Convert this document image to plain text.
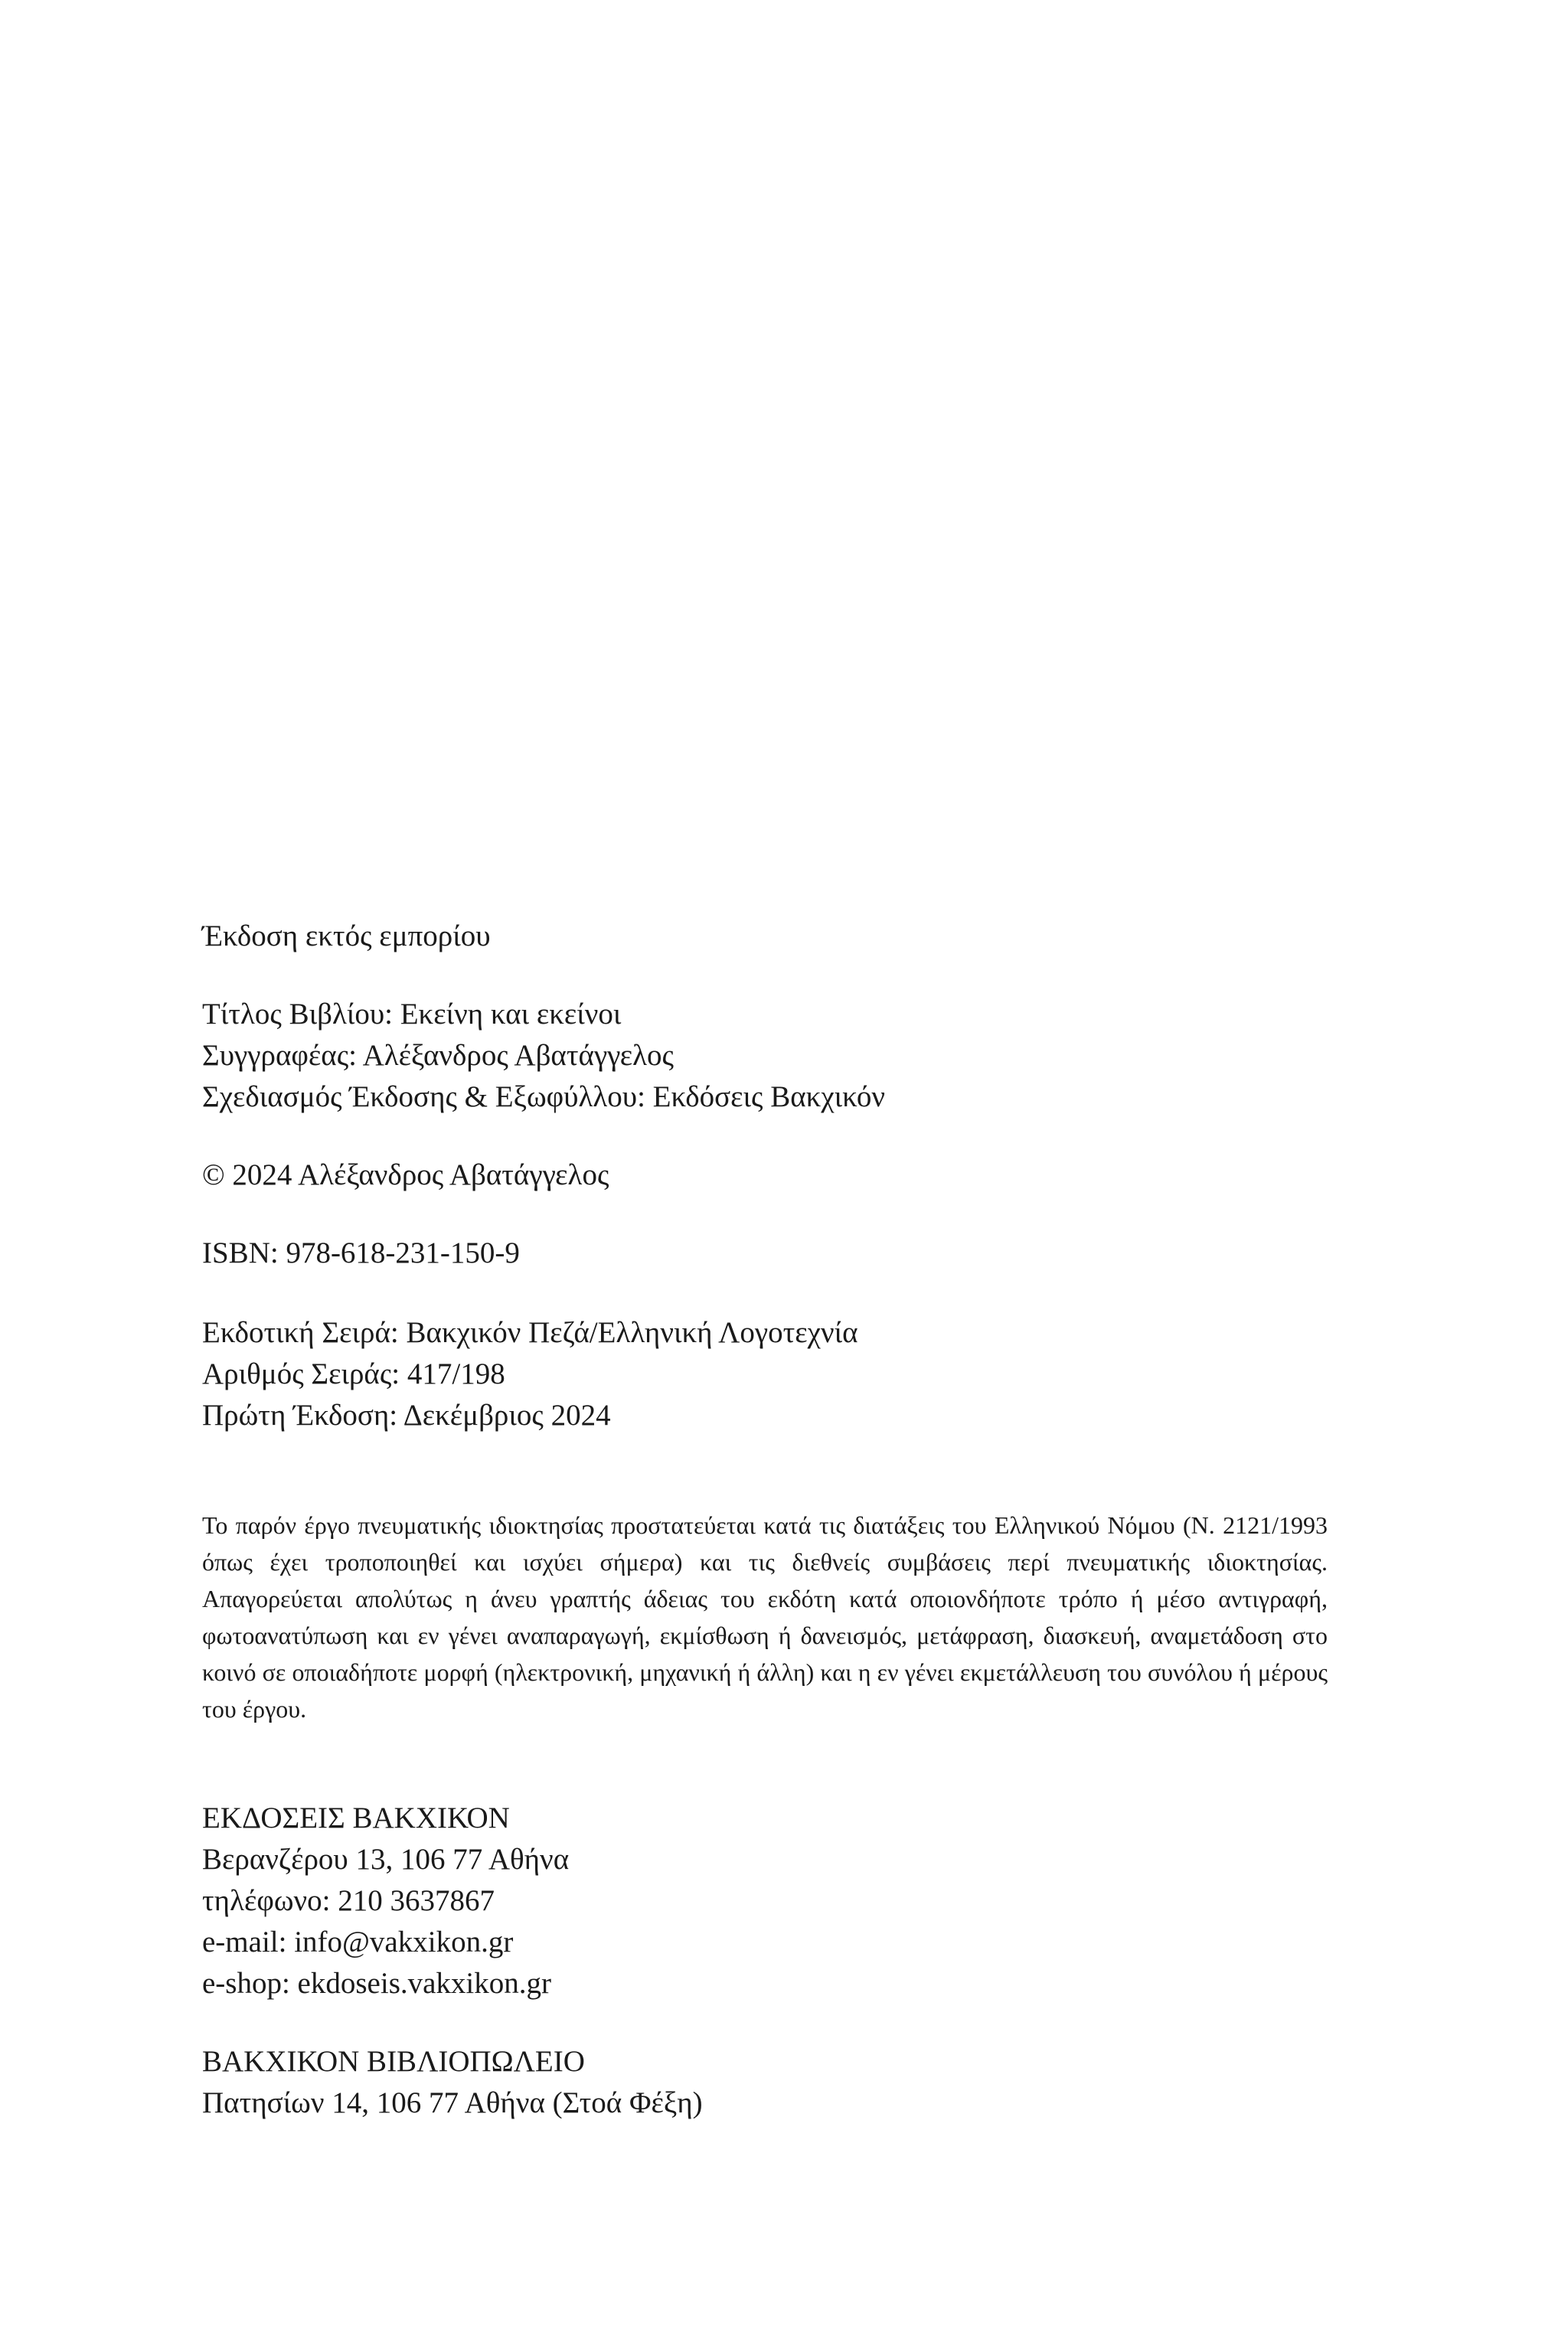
Έκδοση εκτός εμπορίου
Τίτλος Βιβλίου: Εκείνη και εκείνοι
Συγγραφέας: Αλέξανδρος Αβατάγγελος
Σχεδιασμός Έκδοσης & Εξωφύλλου: Εκδόσεις Βακχικόν
© 2024 Αλέξανδρος Αβατάγγελος
ISBN: 978-618-231-150-9
Εκδοτική Σειρά: Βακχικόν Πεζά/Ελληνική Λογοτεχνία
Αριθμός Σειράς: 417/198
Πρώτη Έκδοση: Δεκέμβριος 2024

Το παρόν έργο πνευματικής ιδιοκτησίας προστατεύεται κατά τις διατάξεις του Ελληνικού Νόμου (Ν. 2121/1993 όπως έχει τροποποιηθεί και ισχύει σήμερα) και τις διεθνείς συμβάσεις περί πνευματικής ιδιοκτησίας. Απαγορεύεται απολύτως η άνευ γραπτής άδειας του εκδότη κατά οποιονδήποτε τρόπο ή μέσο αντιγραφή, φωτοανατύπωση και εν γένει αναπαραγωγή, εκμίσθωση ή δανεισμός, μετάφραση, διασκευή, αναμετάδοση στο κοινό σε οποιαδήποτε μορφή (ηλεκτρονική, μηχανική ή άλλη) και η εν γένει εκμετάλλευση του συνόλου ή μέρους του έργου.

ΕΚΔΟΣΕΙΣ ΒΑΚΧΙΚΟΝ
Βερανζέρου 13, 106 77 Αθήνα
τηλέφωνο: 210 3637867
e-mail: info@vakxikon.gr
e-shop: ekdoseis.vakxikon.gr
ΒΑΚΧΙΚΟΝ ΒΙΒΛΙΟΠΩΛΕΙΟ
Πατησίων 14, 106 77 Αθήνα (Στοά Φέξη)
